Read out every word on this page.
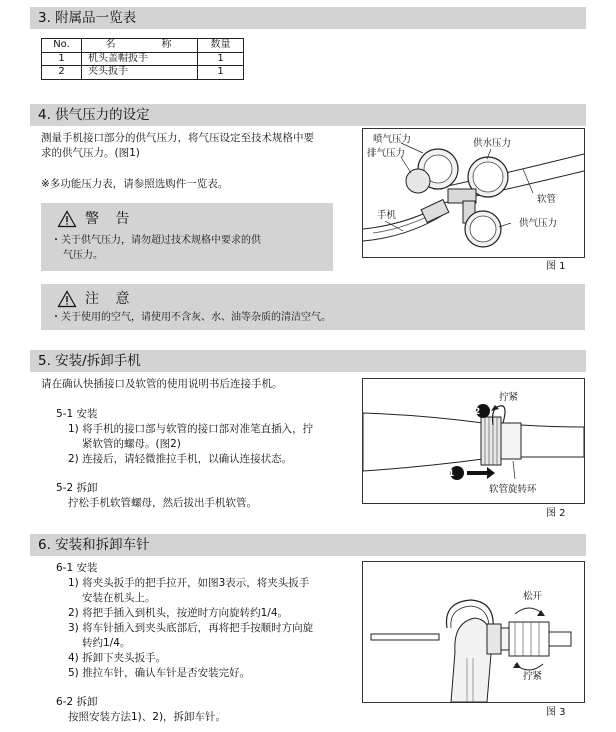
3. 附属品一览表
No.	名　称	数量
1	机头盖帽扳手	1
2	夹头扳手	1
4. 供气压力的设定
测量手机接口部分的供气压力，将气压设定至技术规格中要
求的供气压力。(图1)
※多功能压力表，请参照选购件一览表。
警 告
・关于供气压力，请勿超过技术规格中要求的供
气压力。
喷气压力
排气压力
供水压力
软管
手机
供气压力
图 1
注 意
・关于使用的空气，请使用不含灰、水、油等杂质的清洁空气。
5. 安装/拆卸手机
请在确认快插接口及软管的使用说明书后连接手机。
5-1 安装
1) 将手机的接口部与软管的接口部对准笔直插入，拧
紧软管的螺母。(图2)
2) 连接后，请轻微推拉手机，以确认连接状态。
5-2 拆卸
拧松手机软管螺母，然后拔出手机软管。
2
1
拧紧
软管旋转环
图 2
6. 安装和拆卸车针
6-1 安装
1) 将夹头扳手的把手拉开，如图3表示，将夹头扳手
安装在机头上。
2) 将把手插入到机头，按逆时方向旋转约1/4。
3) 将车针插入到夹头底部后，再将把手按顺时方向旋
转约1/4。
4) 拆卸下夹头扳手。
5) 推拉车针，确认车针是否安装完好。
6-2 拆卸
按照安装方法1)、2)，拆卸车针。
松开
拧紧
图 3
